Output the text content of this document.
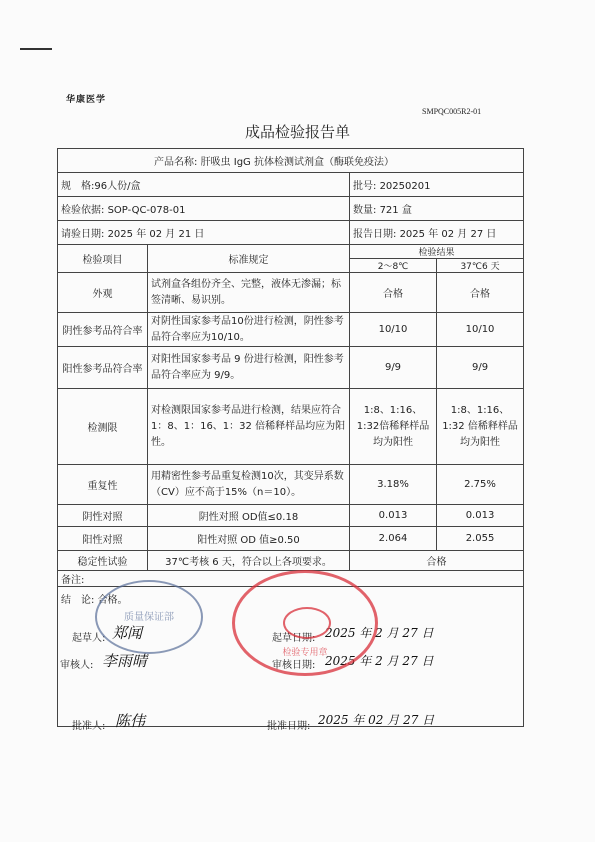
华康医学
SMPQC005R2-01
成品检验报告单
产品名称: 肝吸虫 IgG 抗体检测试剂盒（酶联免疫法）			
规　格:96人份/盒		批号: 20250201	
检验依据: SOP-QC-078-01		数量: 721 盒	
请验日期: 2025 年 02 月 21 日		报告日期: 2025 年 02 月 27 日	
检验项目	标准规定	检验结果	
		2～8℃	37℃6 天
外观	试剂盒各组份齐全、完整，液体无渗漏；标签清晰、易识别。	合格	合格
阴性参考品符合率	对阴性国家参考品10份进行检测，阴性参考品符合率应为10/10。	10/10	10/10
阳性参考品符合率	对阳性国家参考品 9 份进行检测，阳性参考品符合率应为 9/9。	9/9	9/9
检测限	对检测限国家参考品进行检测，结果应符合 1：8、1：16、1：32 倍稀释样品均应为阳性。	1:8、1:16、1:32倍稀释样品均为阳性	1:8、1:16、1:32 倍稀释样品均为阳性
重复性	用精密性参考品重复检测10次，其变异系数（CV）应不高于15%（n＝10）。	3.18%	2.75%
阴性对照	阴性对照 OD值≤0.18	0.013	0.013
阳性对照	阳性对照 OD 值≥0.50	2.064	2.055
稳定性试验	37℃考核 6 天，符合以上各项要求。	合格	
备注:			
结　论: 合格。			
起草人: 郑闻	起草日期: 2025 年 2 月 27 日
审核人: 李雨晴	审核日期: 2025 年 2 月 27 日
批准人: 陈伟	批准日期: 2025 年 02 月 27 日
质量保证部
检验专用章
